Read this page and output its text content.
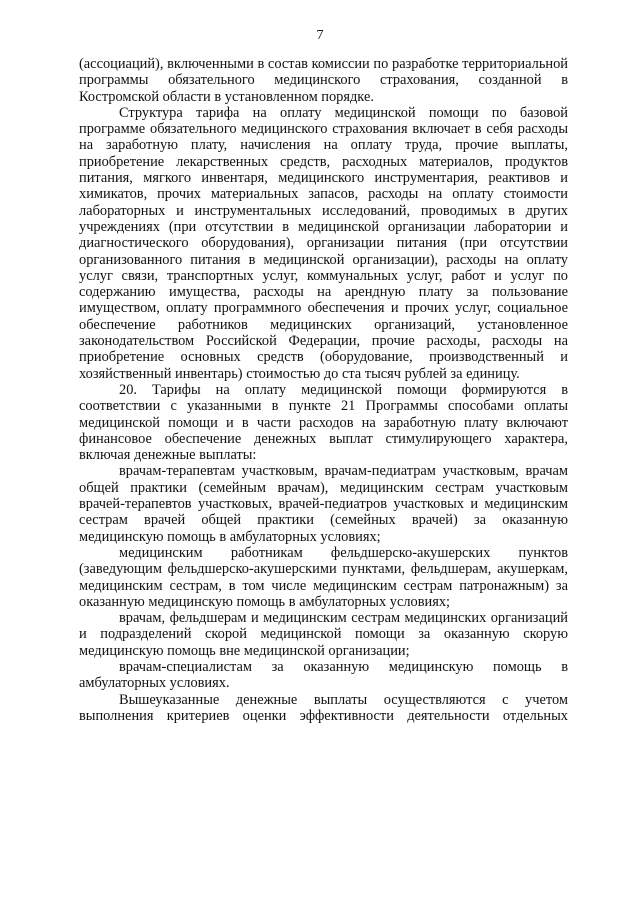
7

(ассоциаций), включенными в состав комиссии по разработке территориальной программы обязательного медицинского страхования, созданной в Костромской области в установленном порядке.

Структура тарифа на оплату медицинской помощи по базовой программе обязательного медицинского страхования включает в себя расходы на заработную плату, начисления на оплату труда, прочие выплаты, приобретение лекарственных средств, расходных материалов, продуктов питания, мягкого инвентаря, медицинского инструментария, реактивов и химикатов, прочих материальных запасов, расходы на оплату стоимости лабораторных и инструментальных исследований, проводимых в других учреждениях (при отсутствии в медицинской организации лаборатории и диагностического оборудования), организации питания (при отсутствии организованного питания в медицинской организации), расходы на оплату услуг связи, транспортных услуг, коммунальных услуг, работ и услуг по содержанию имущества, расходы на арендную плату за пользование имуществом, оплату программного обеспечения и прочих услуг, социальное обеспечение работников медицинских организаций, установленное законодательством Российской Федерации, прочие расходы, расходы на приобретение основных средств (оборудование, производственный и хозяйственный инвентарь) стоимостью до ста тысяч рублей за единицу.

20. Тарифы на оплату медицинской помощи формируются в соответствии с указанными в пункте 21 Программы способами оплаты медицинской помощи и в части расходов на заработную плату включают финансовое обеспечение денежных выплат стимулирующего характера, включая денежные выплаты:

врачам-терапевтам участковым, врачам-педиатрам участковым, врачам общей практики (семейным врачам), медицинским сестрам участковым врачей-терапевтов участковых, врачей-педиатров участковых и медицинским сестрам врачей общей практики (семейных врачей) за оказанную медицинскую помощь в амбулаторных условиях;

медицинским работникам фельдшерско-акушерских пунктов (заведующим фельдшерско-акушерскими пунктами, фельдшерам, акушеркам, медицинским сестрам, в том числе медицинским сестрам патронажным) за оказанную медицинскую помощь в амбулаторных условиях;

врачам, фельдшерам и медицинским сестрам медицинских организаций и подразделений скорой медицинской помощи за оказанную скорую медицинскую помощь вне медицинской организации;

врачам-специалистам за оказанную медицинскую помощь в амбулаторных условиях.

Вышеуказанные денежные выплаты осуществляются с учетом выполнения критериев оценки эффективности деятельности отдельных
